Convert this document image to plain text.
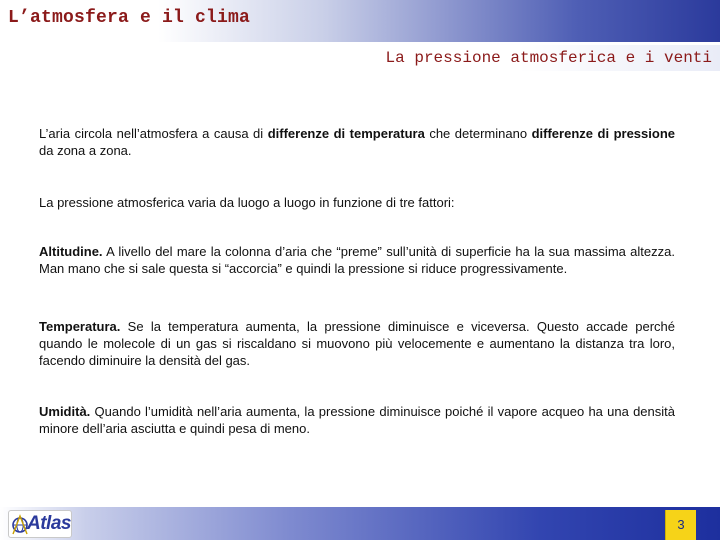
L’atmosfera e il clima
La pressione atmosferica e i venti

L’aria circola nell’atmosfera a causa di differenze di temperatura che determinano differenze di pressione da zona a zona.

La pressione atmosferica varia da luogo a luogo in funzione di tre fattori:

Altitudine. A livello del mare la colonna d’aria che “preme” sull’unità di superficie ha la sua massima altezza. Man mano che si sale questa si “accorcia” e quindi la pressione si riduce progressivamente.

Temperatura. Se la temperatura aumenta, la pressione diminuisce e viceversa. Questo accade perché quando le molecole di un gas si riscaldano si muovono più velocemente e aumentano la distanza tra loro, facendo diminuire la densità del gas.

Umidità. Quando l’umidità nell’aria aumenta, la pressione diminuisce poiché il vapore acqueo ha una densità minore dell’aria asciutta e quindi pesa di meno.

Atlas	3
